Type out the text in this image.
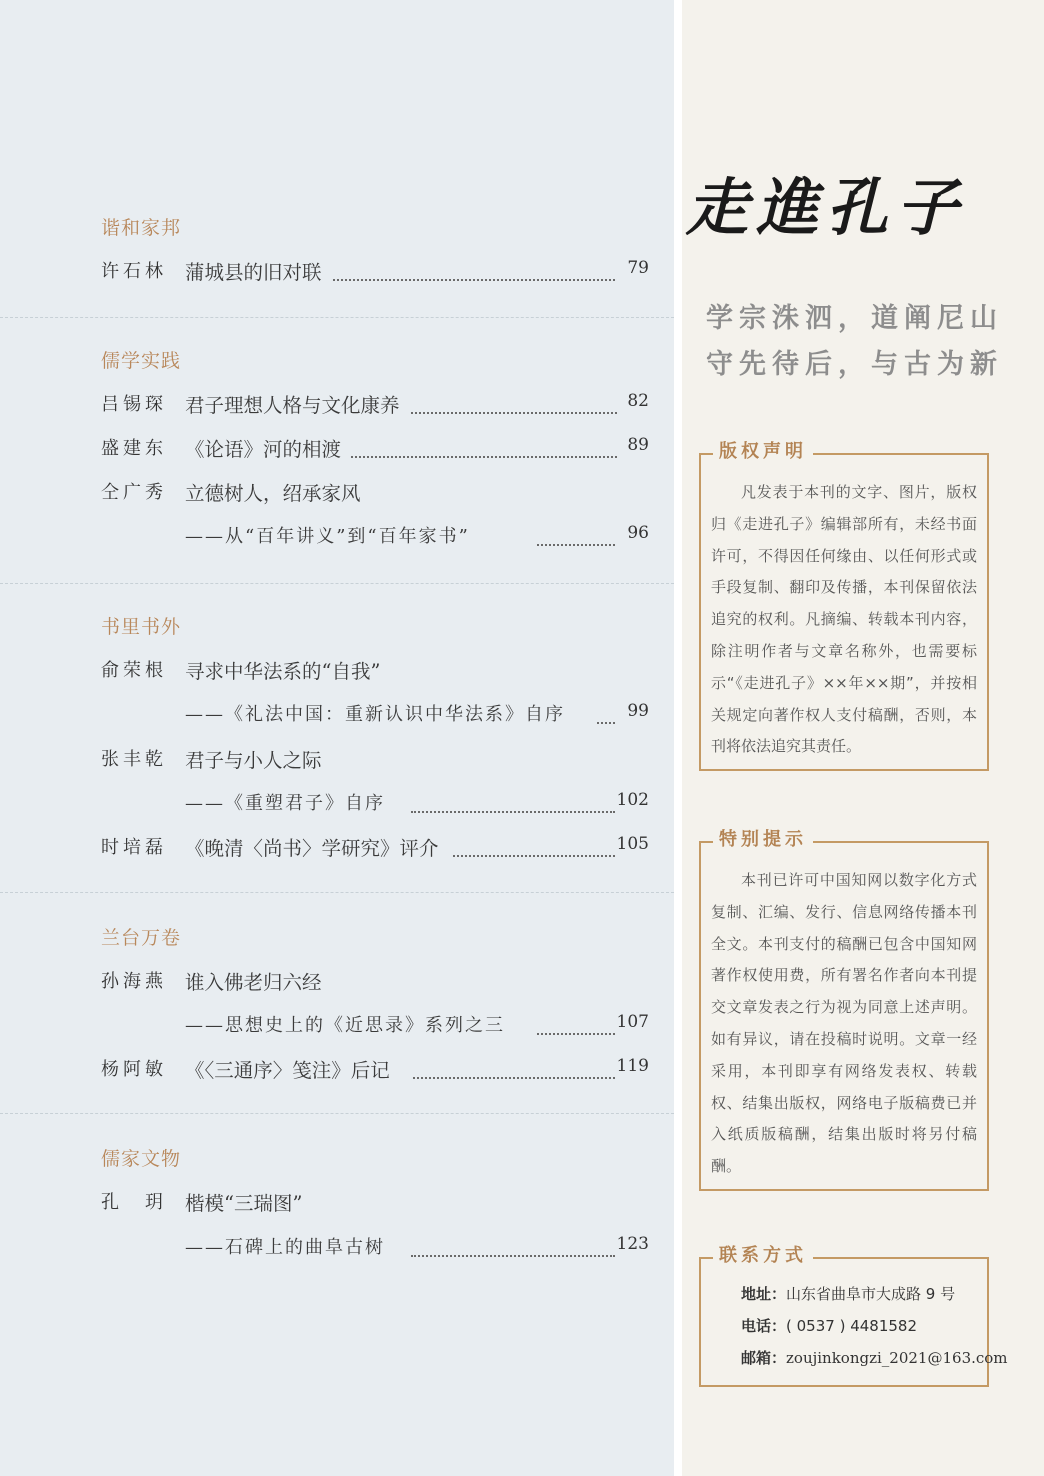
谐和家邦
许石林 蒲城县的旧对联	79
儒学实践
吕锡琛 君子理想人格与文化康养	82
盛建东 《论语》河的相渡	89
仝广秀 立德树人，绍承家风
——从“百年讲义”到“百年家书”	96
书里书外
俞荣根 寻求中华法系的“自我”
——《礼法中国：重新认识中华法系》自序	99
张丰乾 君子与小人之际
——《重塑君子》自序	102
时培磊 《晚清〈尚书〉学研究》评介	105
兰台万卷
孙海燕 谁入佛老归六经
——思想史上的《近思录》系列之三	107
杨阿敏 《〈三通序〉笺注》后记	119
儒家文物
孔　玥 楷模“三瑞图”
——石碑上的曲阜古树	123
走進孔子
学宗洙泗，道阐尼山
守先待后，与古为新
版权声明
凡发表于本刊的文字、图片，版权归《走进孔子》编辑部所有，未经书面许可，不得因任何缘由、以任何形式或手段复制、翻印及传播，本刊保留依法追究的权利。凡摘编、转载本刊内容，除注明作者与文章名称外，也需要标示“《走进孔子》××年××期”，并按相关规定向著作权人支付稿酬，否则，本刊将依法追究其责任。
特别提示
本刊已许可中国知网以数字化方式复制、汇编、发行、信息网络传播本刊全文。本刊支付的稿酬已包含中国知网著作权使用费，所有署名作者向本刊提交文章发表之行为视为同意上述声明。如有异议，请在投稿时说明。文章一经采用，本刊即享有网络发表权、转载权、结集出版权，网络电子版稿费已并入纸质版稿酬，结集出版时将另付稿酬。
联系方式
地址：山东省曲阜市大成路 9 号
电话：( 0537 ) 4481582
邮箱：zoujinkongzi_2021@163.com
